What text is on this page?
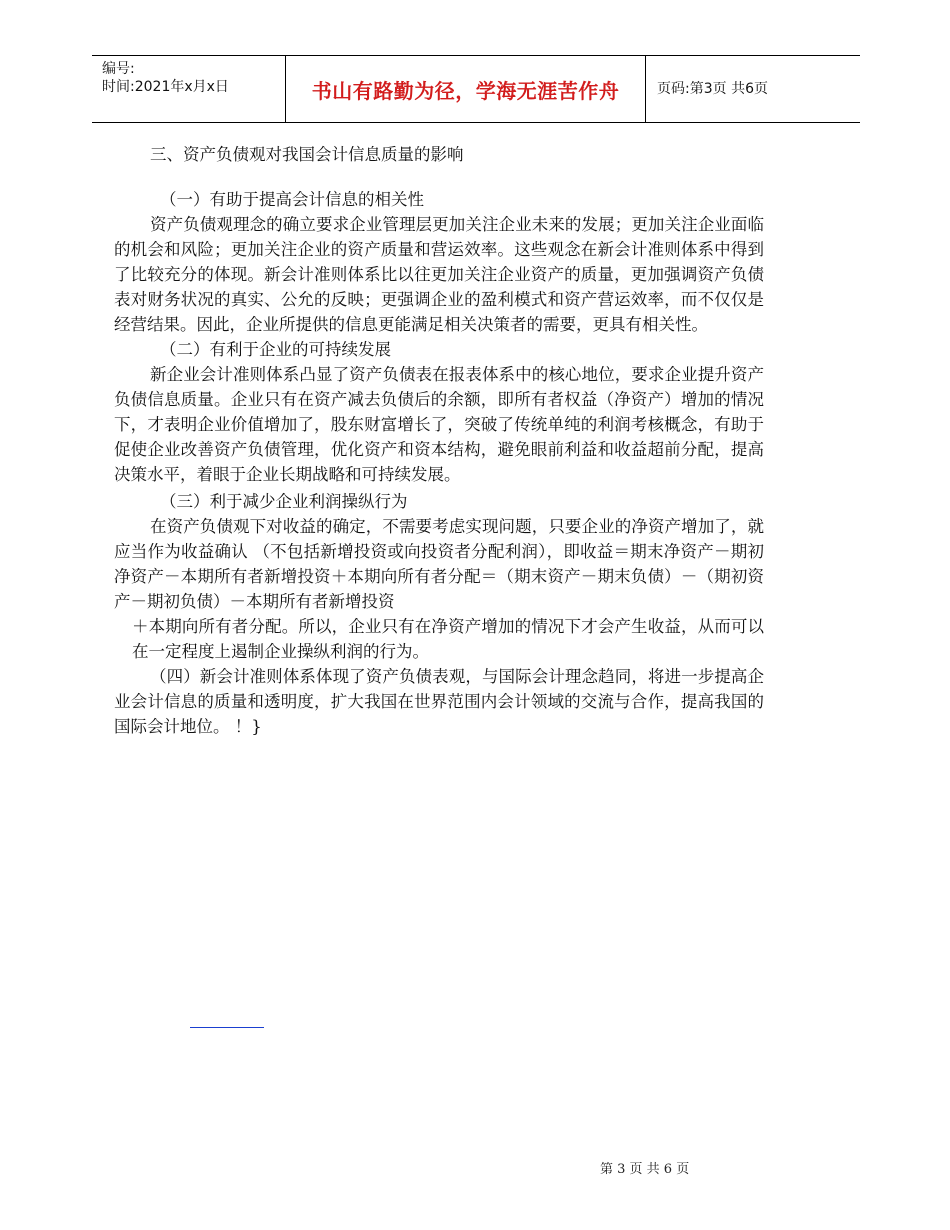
编号:
时间:2021年x月x日	书山有路勤为径，学海无涯苦作舟	页码:第3页 共6页

三、资产负债观对我国会计信息质量的影响

（一）有助于提高会计信息的相关性

资产负债观理念的确立要求企业管理层更加关注企业未来的发展；更加关注企业面临的机会和风险；更加关注企业的资产质量和营运效率。这些观念在新会计准则体系中得到了比较充分的体现。新会计准则体系比以往更加关注企业资产的质量，更加强调资产负债表对财务状况的真实、公允的反映；更强调企业的盈利模式和资产营运效率，而不仅仅是经营结果。因此，企业所提供的信息更能满足相关决策者的需要，更具有相关性。

（二）有利于企业的可持续发展

新企业会计准则体系凸显了资产负债表在报表体系中的核心地位，要求企业提升资产负债信息质量。企业只有在资产减去负债后的余额，即所有者权益（净资产）增加的情况下，才表明企业价值增加了，股东财富增长了，突破了传统单纯的利润考核概念，有助于促使企业改善资产负债管理，优化资产和资本结构，避免眼前利益和收益超前分配，提高决策水平，着眼于企业长期战略和可持续发展。

（三）利于减少企业利润操纵行为

在资产负债观下对收益的确定，不需要考虑实现问题，只要企业的净资产增加了，就应当作为收益确认 （不包括新增投资或向投资者分配利润），即收益＝期末净资产－期初净资产－本期所有者新增投资＋本期向所有者分配＝（期末资产－期末负债）－（期初资产－期初负债）－本期所有者新增投资

＋本期向所有者分配。所以，企业只有在净资产增加的情况下才会产生收益，从而可以在一定程度上遏制企业操纵利润的行为。

（四）新会计准则体系体现了资产负债表观，与国际会计理念趋同，将进一步提高企业会计信息的质量和透明度，扩大我国在世界范围内会计领域的交流与合作，提高我国的国际会计地位。 ！}

第 3 页 共 6 页
